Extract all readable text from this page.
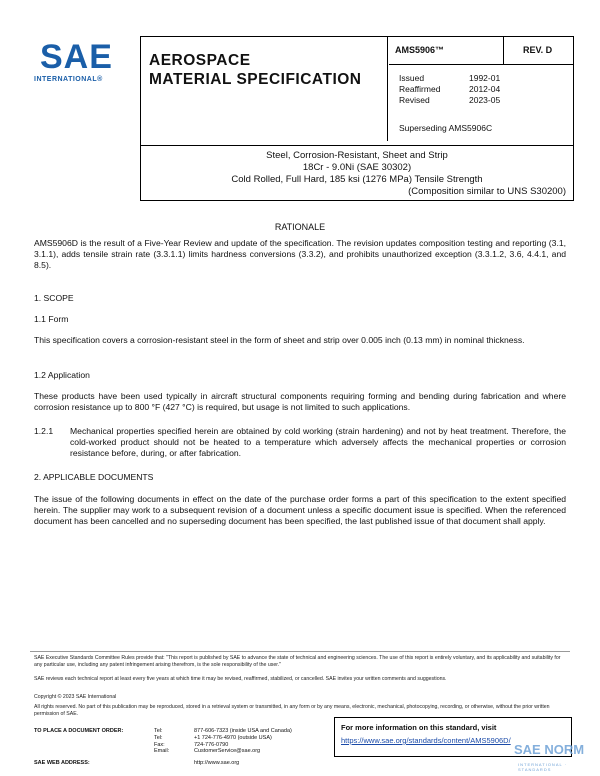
SAE
INTERNATIONAL®
AEROSPACE
MATERIAL SPECIFICATION
AMS5906™	REV. D
Issued	1992-01
Reaffirmed	2012-04
Revised	2023-05
Superseding AMS5906C
Steel, Corrosion-Resistant, Sheet and Strip
18Cr - 9.0Ni (SAE 30302)
Cold Rolled, Full Hard, 185 ksi (1276 MPa) Tensile Strength
(Composition similar to UNS S30200)
RATIONALE
AMS5906D is the result of a Five-Year Review and update of the specification. The revision updates composition testing and reporting (3.1, 3.1.1), adds tensile strain rate (3.3.1.1) limits hardness conversions (3.3.2), and prohibits unauthorized exception (3.3.1.2, 3.6, 4.4.1, and 8.5).
1. SCOPE
1.1 Form
This specification covers a corrosion-resistant steel in the form of sheet and strip over 0.005 inch (0.13 mm) in nominal thickness.
1.2 Application
These products have been used typically in aircraft structural components requiring forming and bending during fabrication and where corrosion resistance up to 800 °F (427 °C) is required, but usage is not limited to such applications.
1.2.1 Mechanical properties specified herein are obtained by cold working (strain hardening) and not by heat treatment. Therefore, the cold-worked product should not be heated to a temperature which adversely affects the mechanical properties or corrosion resistance before, during, or after fabrication.
2. APPLICABLE DOCUMENTS
The issue of the following documents in effect on the date of the purchase order forms a part of this specification to the extent specified herein. The supplier may work to a subsequent revision of a document unless a specific document issue is specified. When the referenced document has been cancelled and no superseding document has been specified, the last published issue of that document shall apply.
SAE Executive Standards Committee Rules provide that: "This report is published by SAE to advance the state of technical and engineering sciences. The use of this report is entirely voluntary, and its applicability and suitability for any particular use, including any patent infringement arising therefrom, is the sole responsibility of the user."
SAE reviews each technical report at least every five years at which time it may be revised, reaffirmed, stabilized, or cancelled. SAE invites your written comments and suggestions.
Copyright © 2023 SAE International
All rights reserved. No part of this publication may be reproduced, stored in a retrieval system or transmitted, in any form or by any means, electronic, mechanical, photocopying, recording, or otherwise, without the prior written permission of SAE.
TO PLACE A DOCUMENT ORDER:	Tel:	877-606-7323 (inside USA and Canada)
Tel:	+1 724-776-4970 (outside USA)
Fax:	724-776-0790
Email:	CustomerService@sae.org
SAE WEB ADDRESS:	http://www.sae.org
For more information on this standard, visit
https://www.sae.org/standards/content/AMS5906D/
SAE NORM
INTERNATIONAL · STANDARDS
